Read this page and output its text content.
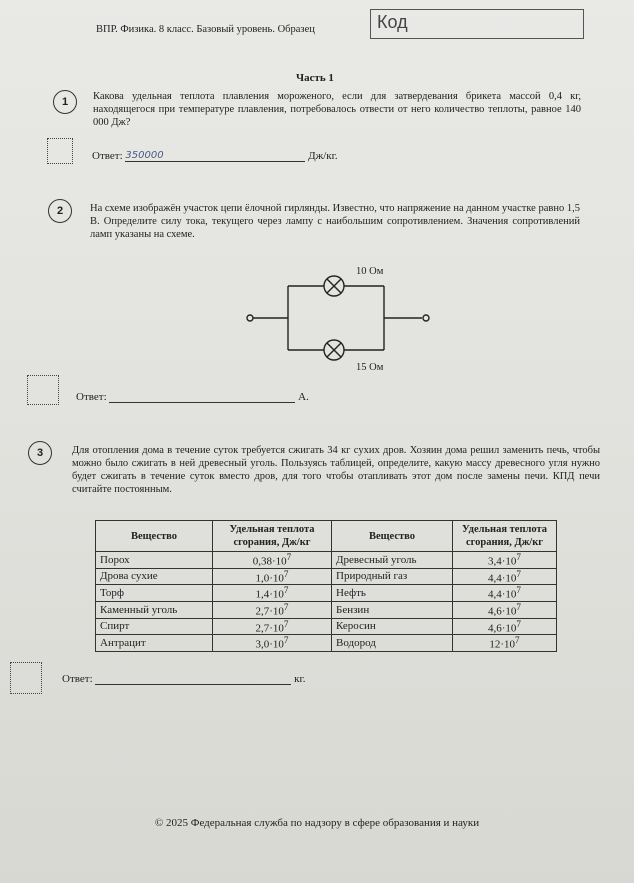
ВПР. Физика. 8 класс. Базовый уровень. Образец	Код
Часть 1
1	Какова удельная теплота плавления мороженого, если для затвердевания брикета массой 0,4 кг, находящегося при температуре плавления, потребовалось отвести от него количество теплоты, равное 140 000 Дж?
Ответ: 350000	Дж/кг.
2	На схеме изображён участок цепи ёлочной гирлянды. Известно, что напряжение на данном участке равно 1,5 В. Определите силу тока, текущего через лампу с наибольшим сопротивлением. Значения сопротивлений ламп указаны на схеме.
10 Ом
15 Ом
Ответ:	А.
3	Для отопления дома в течение суток требуется сжигать 34 кг сухих дров. Хозяин дома решил заменить печь, чтобы можно было сжигать в ней древесный уголь. Пользуясь таблицей, определите, какую массу древесного угля нужно будет сжигать в течение суток вместо дров, для того чтобы отапливать этот дом после замены печи. КПД печи считайте постоянным.
Вещество	Удельная теплота сгорания, Дж/кг	Вещество	Удельная теплота сгорания, Дж/кг
Порох	$0,38\cdot 10^7$	Древесный уголь	$3,4\cdot 10^7$
Дрова сухие	$1,0\cdot 10^7$	Природный газ	$4,4\cdot 10^7$
Торф	$1,4\cdot 10^7$	Нефть	$4,4\cdot 10^7$
Каменный уголь	$2,7\cdot 10^7$	Бензин	$4,6\cdot 10^7$
Спирт	$2,7\cdot 10^7$	Керосин	$4,6\cdot 10^7$
Антрацит	$3,0\cdot 10^7$	Водород	$12\cdot 10^7$
Ответ:	кг.
© 2025 Федеральная служба по надзору в сфере образования и науки
